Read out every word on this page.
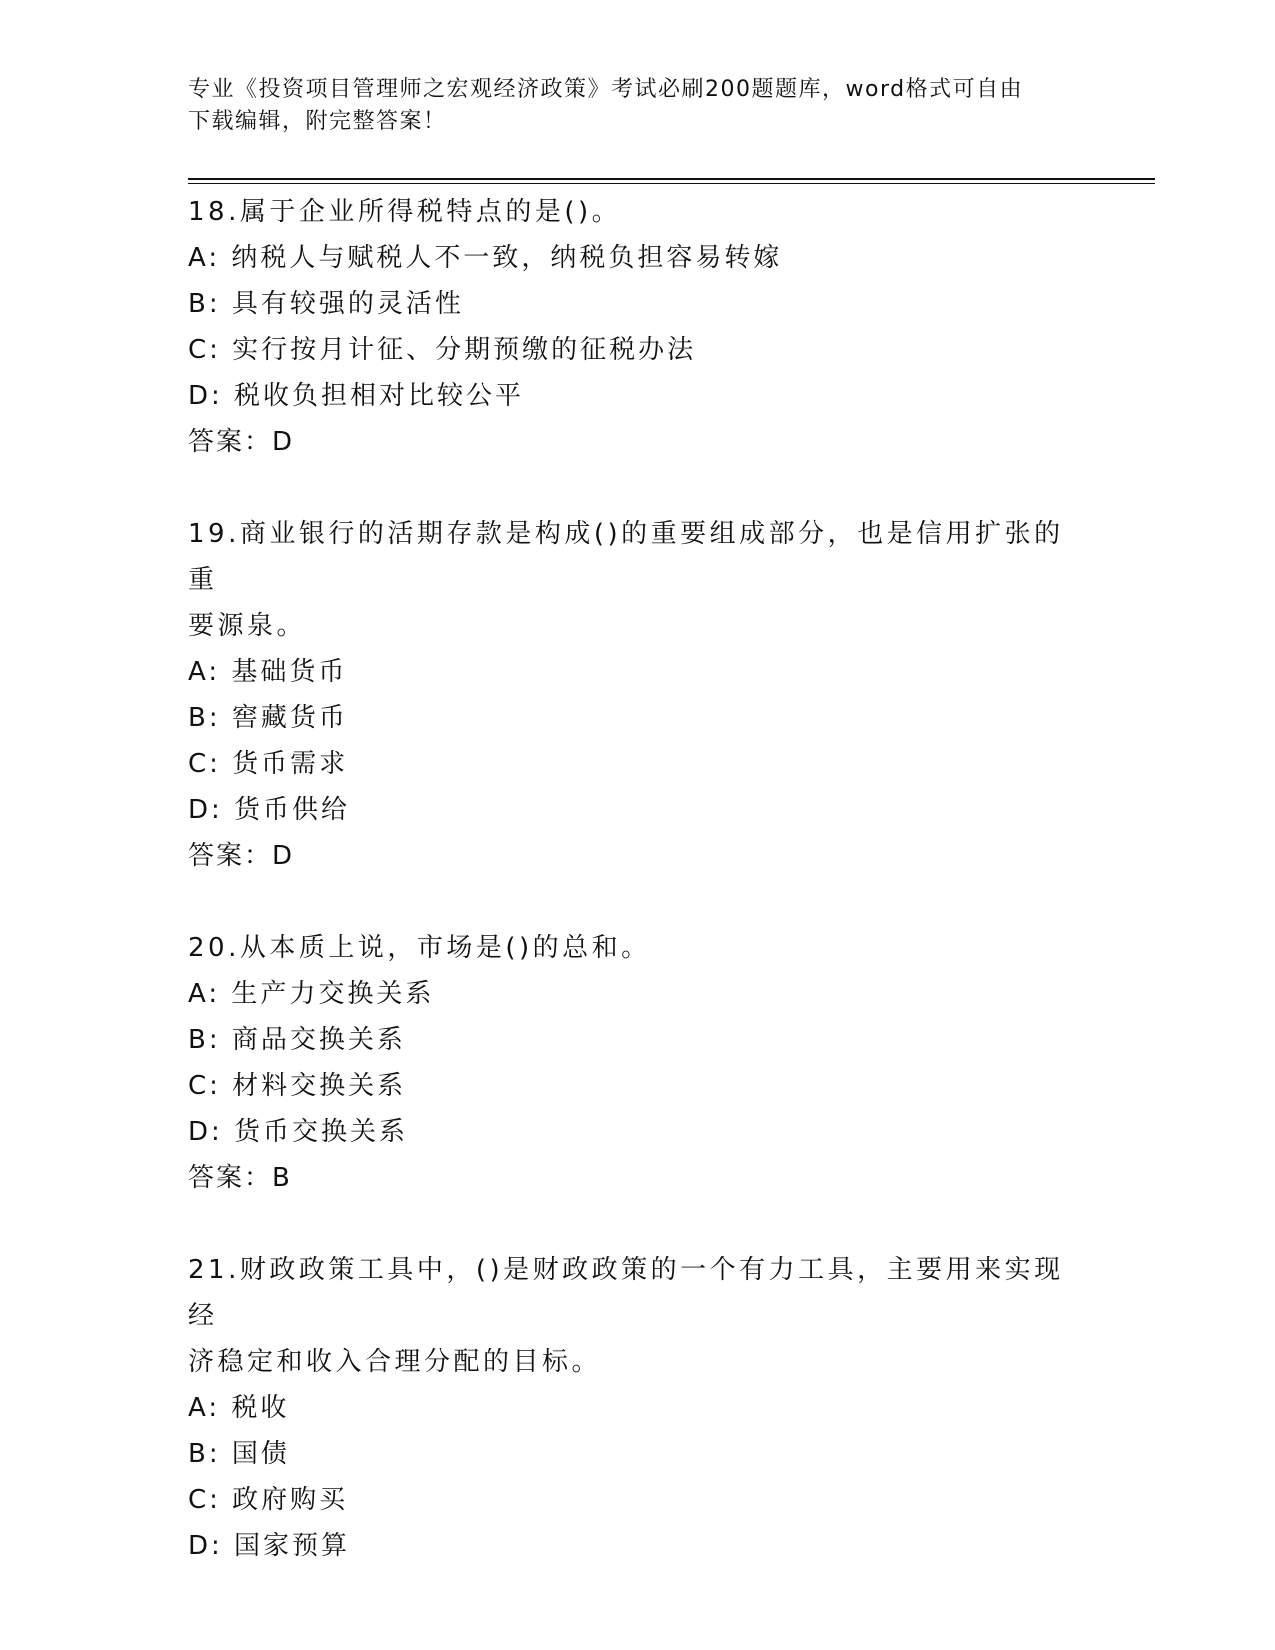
专业《投资项目管理师之宏观经济政策》考试必刷200题题库，word格式可自由
下载编辑，附完整答案！
18.属于企业所得税特点的是()。
A: 纳税人与赋税人不一致，纳税负担容易转嫁
B: 具有较强的灵活性
C: 实行按月计征、分期预缴的征税办法
D: 税收负担相对比较公平
答案：D
19.商业银行的活期存款是构成()的重要组成部分，也是信用扩张的重
要源泉。
A: 基础货币
B: 窖藏货币
C: 货币需求
D: 货币供给
答案：D
20.从本质上说，市场是()的总和。
A: 生产力交换关系
B: 商品交换关系
C: 材料交换关系
D: 货币交换关系
答案：B
21.财政政策工具中，()是财政政策的一个有力工具，主要用来实现经
济稳定和收入合理分配的目标。
A: 税收
B: 国债
C: 政府购买
D: 国家预算
